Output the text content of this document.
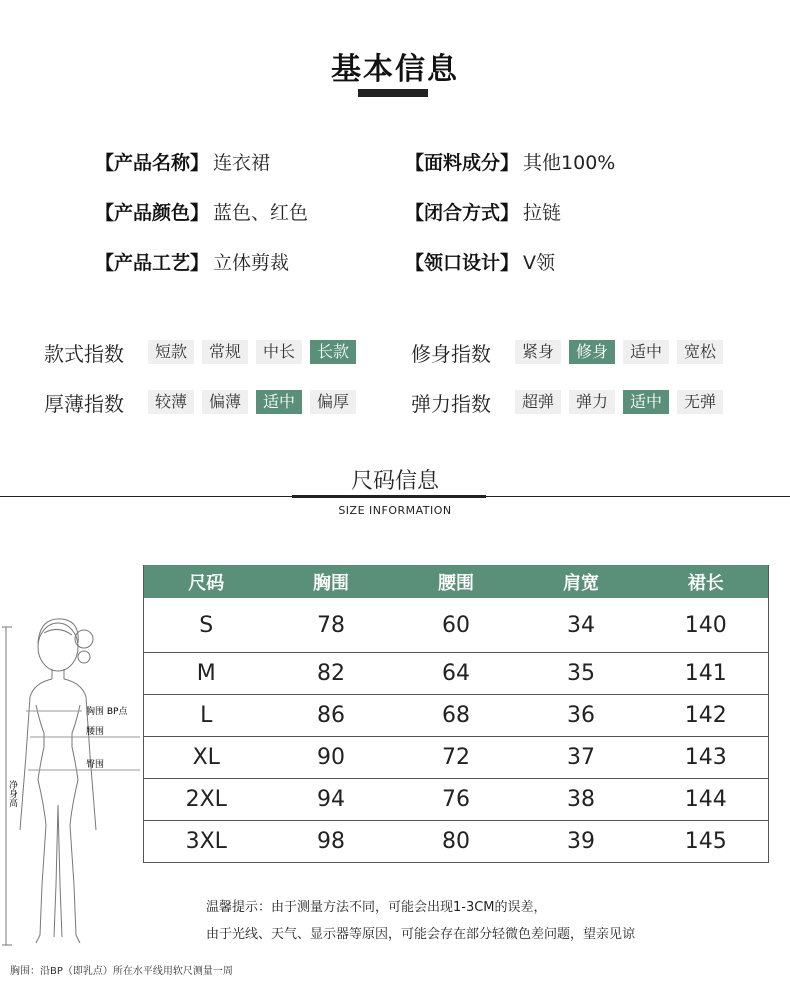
基本信息
【产品名称】 连衣裙
【产品颜色】 蓝色、红色
【产品工艺】 立体剪裁
【面料成分】 其他100%
【闭合方式】 拉链
【领口设计】 V领
款式指数	短款	常规	中长	长款	修身指数	紧身	修身	适中	宽松
厚薄指数	较薄	偏薄	适中	偏厚	弹力指数	超弹	弹力	适中	无弹
尺码信息
SIZE INFORMATION
胸围 BP点
腰围
臀围
净身高
尺码	胸围	腰围	肩宽	裙长
S	78	60	34	140
M	82	64	35	141
L	86	68	36	142
XL	90	72	37	143
2XL	94	76	38	144
3XL	98	80	39	145
温馨提示：由于测量方法不同，可能会出现1-3CM的误差，
由于光线、天气、显示器等原因，可能会存在部分轻微色差问题，望亲见谅
胸围：沿BP（即乳点）所在水平线用软尺测量一周
